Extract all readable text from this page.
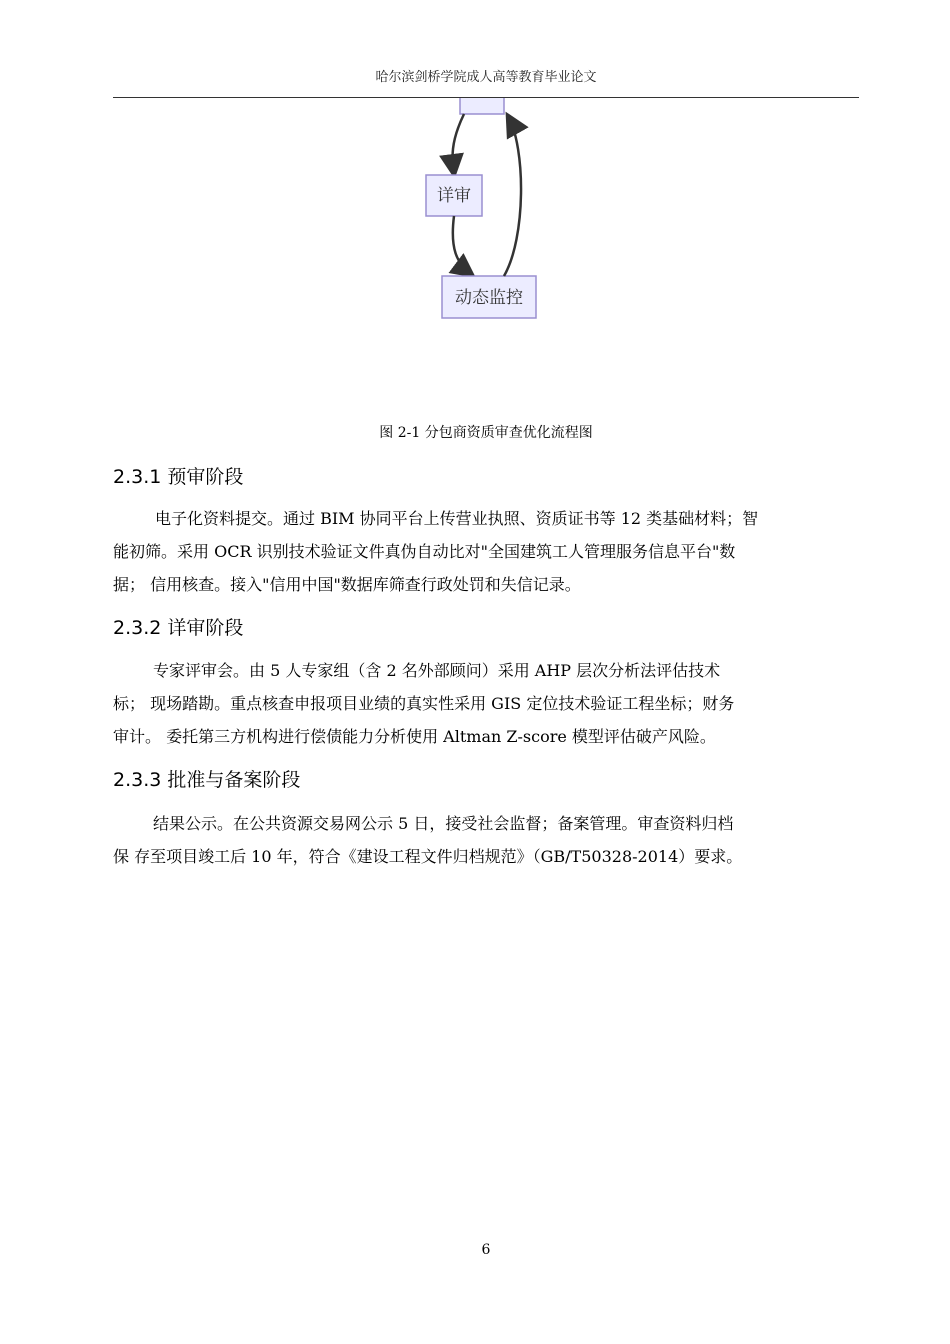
哈尔滨剑桥学院成人高等教育毕业论文
详审
动态监控
图 2-1 分包商资质审查优化流程图
2.3.1 预审阶段
电子化资料提交。通过 BIM 协同平台上传营业执照、资质证书等 12 类基础材料；智
能初筛。采用 OCR 识别技术验证文件真伪自动比对"全国建筑工人管理服务信息平台"数
据； 信用核查。接入"信用中国"数据库筛查行政处罚和失信记录。
2.3.2 详审阶段
专家评审会。由 5 人专家组（含 2 名外部顾问）采用 AHP 层次分析法评估技术
标； 现场踏勘。重点核查申报项目业绩的真实性采用 GIS 定位技术验证工程坐标；财务
审计。 委托第三方机构进行偿债能力分析使用 Altman Z-score 模型评估破产风险。
2.3.3 批准与备案阶段
结果公示。在公共资源交易网公示 5 日，接受社会监督；备案管理。审查资料归档
保 存至项目竣工后 10 年，符合《建设工程文件归档规范》（GB/T50328-2014）要求。
6
